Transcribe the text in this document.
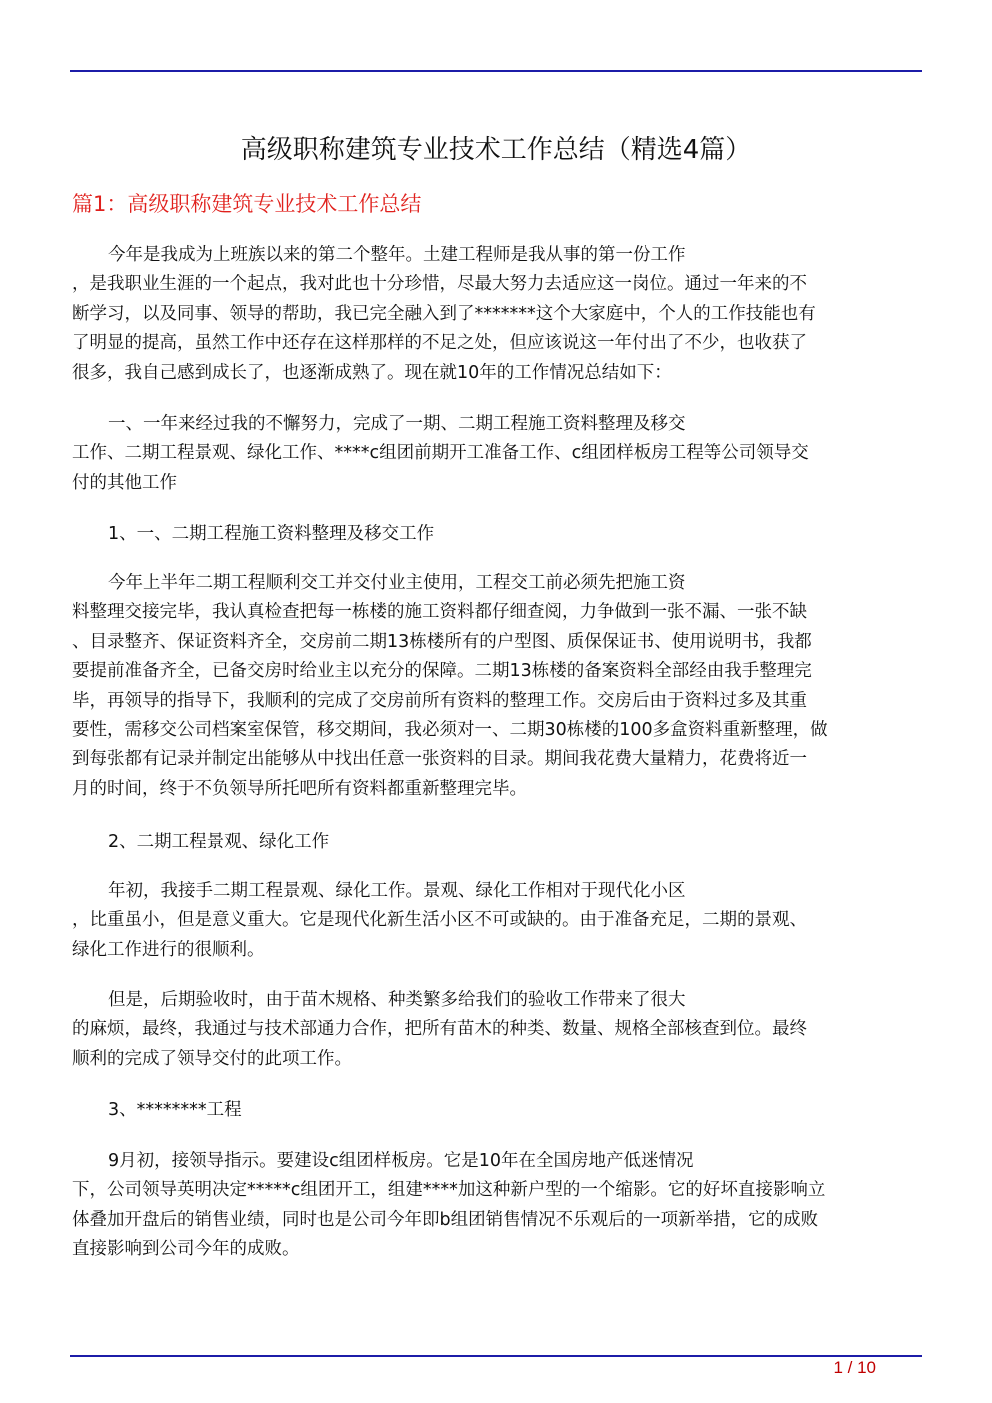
高级职称建筑专业技术工作总结（精选4篇）
篇1：高级职称建筑专业技术工作总结
今年是我成为上班族以来的第二个整年。土建工程师是我从事的第一份工作
，是我职业生涯的一个起点，我对此也十分珍惜，尽最大努力去适应这一岗位。通过一年来的不
断学习，以及同事、领导的帮助，我已完全融入到了*******这个大家庭中，个人的工作技能也有
了明显的提高，虽然工作中还存在这样那样的不足之处，但应该说这一年付出了不少，也收获了
很多，我自己感到成长了，也逐渐成熟了。现在就10年的工作情况总结如下：
一、一年来经过我的不懈努力，完成了一期、二期工程施工资料整理及移交
工作、二期工程景观、绿化工作、****c组团前期开工准备工作、c组团样板房工程等公司领导交
付的其他工作
1、一、二期工程施工资料整理及移交工作
今年上半年二期工程顺利交工并交付业主使用，工程交工前必须先把施工资
料整理交接完毕，我认真检查把每一栋楼的施工资料都仔细查阅，力争做到一张不漏、一张不缺
、目录整齐、保证资料齐全，交房前二期13栋楼所有的户型图、质保保证书、使用说明书，我都
要提前准备齐全，已备交房时给业主以充分的保障。二期13栋楼的备案资料全部经由我手整理完
毕，再领导的指导下，我顺利的完成了交房前所有资料的整理工作。交房后由于资料过多及其重
要性，需移交公司档案室保管，移交期间，我必须对一、二期30栋楼的100多盒资料重新整理，做
到每张都有记录并制定出能够从中找出任意一张资料的目录。期间我花费大量精力，花费将近一
月的时间，终于不负领导所托吧所有资料都重新整理完毕。
2、二期工程景观、绿化工作
年初，我接手二期工程景观、绿化工作。景观、绿化工作相对于现代化小区
，比重虽小，但是意义重大。它是现代化新生活小区不可或缺的。由于准备充足，二期的景观、
绿化工作进行的很顺利。
但是，后期验收时，由于苗木规格、种类繁多给我们的验收工作带来了很大
的麻烦，最终，我通过与技术部通力合作，把所有苗木的种类、数量、规格全部核查到位。最终
顺利的完成了领导交付的此项工作。
3、********工程
9月初，接领导指示。要建设c组团样板房。它是10年在全国房地产低迷情况
下，公司领导英明决定*****c组团开工，组建****加这种新户型的一个缩影。它的好坏直接影响立
体叠加开盘后的销售业绩，同时也是公司今年即b组团销售情况不乐观后的一项新举措，它的成败
直接影响到公司今年的成败。
1 / 10
